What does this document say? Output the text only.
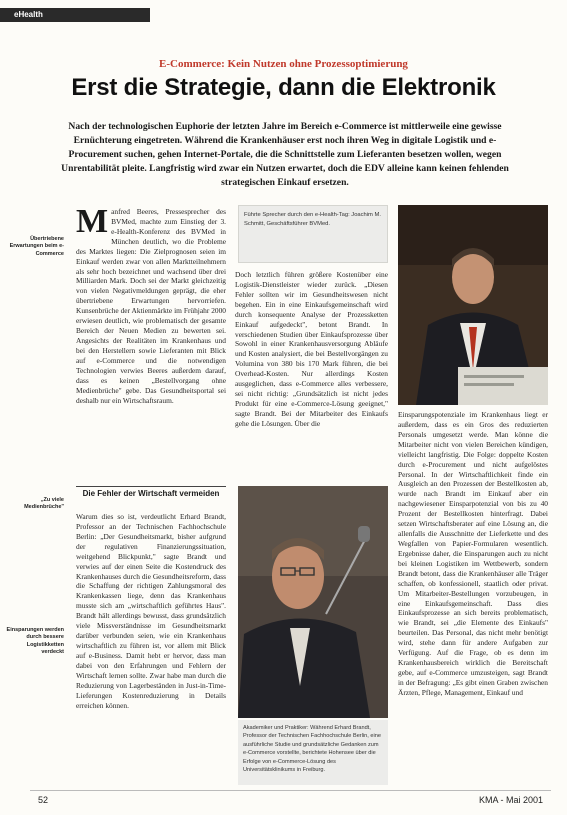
eHealth
E-Commerce: Kein Nutzen ohne Prozessoptimierung
Erst die Strategie, dann die Elektronik

Nach der technologischen Euphorie der letzten Jahre im Bereich e-Commerce ist mittlerweile eine gewisse Ernüchterung eingetreten. Während die Krankenhäuser erst noch ihren Weg in digitale Logistik und e-Procurement suchen, gehen Internet-Portale, die die Schnittstelle zum Lieferanten besetzen wollen, wegen Unrentabilität pleite. Langfristig wird zwar ein Nutzen erwartet, doch die EDV alleine kann keinen fehlenden strategischen Einkauf ersetzen.

Übertriebene Erwartungen beim e-Commerce
„Zu viele Medienbrüche"
Einsparungen werden durch bessere Logistikketten verdeckt
Manfred Beeres, Pressesprecher des BVMed, machte zum Einstieg der 3. e-Health-Konferenz des BVMed in München deutlich, wo die Probleme des Marktes liegen: Die Zielprognosen seien im Einkauf werden zwar von allen Marktteilnehmern als sehr hoch bezeichnet und wachsend über drei Milliarden Mark. Doch sei der Markt gleichzeitig von vielen Negativmeldungen geprägt, die eher übertriebene Erwartungen hervorriefen. Kunsenbrüche der Aktienmärkte im Frühjahr 2000 erwiesen deutlich, wie problematisch der gesamte Bereich der Neuen Medien zu bewerten sei. Angesichts der Realitäten im Krankenhaus und bei den Herstellern sowie Lieferanten mit Blick auf e-Commerce und die notwendigen Technologien verwies Beeres außerdem darauf, dass es keinen „Bestellvorgang ohne Medienbrüche" gebe. Das Gesundheitsportal sei deshalb nur ein Wirtschaftsraum.
Die Fehler der Wirtschaft vermeiden
Warum dies so ist, verdeutlicht Erhard Brandt, Professor an der Technischen Fachhochschule Berlin: „Der Gesundheitsmarkt, bisher aufgrund der regulativen Finanzierungssituation, weitgehend Blickpunkt," sagte Brandt und verwies auf der einen Seite die Kostendruck des Krankenhauses durch die Gesundheitsreform, dass die Schaffung der richtigen Zahlungsmoral des Krankenkassen liege, denn das Krankenhaus musste sich am „wirtschaftlich geführtes Haus". Brandt hält allerdings bewusst, dass grundsätzlich viele Missverständnisse im Gesundheitsmarkt darüber verbunden seien, wie ein Krankenhaus wirtschaftlich zu führen ist, vor allem mit Blick auf e-Business. Damit hebt er hervor, dass man dabei von den Erfahrungen und Fehlern der Wirtschaft lernen sollte. Zwar habe man durch die Reduzierung von Lagerbeständen in Just-in-Time-Lieferungen Kostenreduzierung in Details erreichen können.
Führte Sprecher durch den e-Health-Tag: Joachim M. Schmitt, Geschäftsführer BVMed.
Doch letztlich führen größere Kostenüber eine Logistik-Dienstleister wieder zurück. „Diesen Fehler sollten wir im Gesundheitswesen nicht begehen. Ein in eine Einkaufsgemeinschaft wird durch konsequente Analyse der Prozessketten Einkauf aufgedeckt", betont Brandt. In verschiedenen Studien über Einkaufsprozesse über Sowohl in einer Krankenhausversorgung Abläufe und Kosten analysiert, die bei Bestellvorgängen zu Volumina von 380 bis 170 Mark führen, die bei Overhead-Kosten. Nur allerdings Kosten ausgeglichen, dass e-Commerce alles verbessere, sei nicht richtig: „Grundsätzlich ist nicht jedes Produkt für eine e-Commerce-Lösung geeignet," sagte Brandt. Bei der Mitarbeiter des Einkaufs gehe die Lösungen. Über die
Akademiker und Praktiker: Während Erhard Brandt, Professor der Technischen Fachhochschule Berlin, eine ausführliche Studie und grundsätzliche Gedanken zum e-Commerce vorstellte, berichtete Hohensee über die Erfolge von e-Commerce-Lösung des Universitätsklinikums in Freiburg.
Einsparungspotenziale im Krankenhaus liegt er außerdem, dass es ein Gros des reduzierten Personals umgesetzt werde. Man könne die Mitarbeiter nicht von vielen Bereichen kündigen, vielleicht langfristig. Die Folge: doppelte Kosten durch e-Procurement und nicht aufgelöstes Personal. In der Wirtschaftlichkeit finde ein Ausgleich an den Prozessen der Bestellkosten ab, wurde nach Brandt im Einkauf aber ein nachgewiesener Einsparpotenzial von bis zu 40 Prozent der Bestellkosten hinterfragt. Dabei setzen Wirtschaftsberater auf eine Lösung an, die allenfalls die Ausschnitte der Lieferkette und des Wegfallen von Papier-Formularen wesentlich. Ergebnisse daher, die Einsparungen auch zu nicht bei kleinen Logistiken im Wettbewerb, sondern Brandt betont, dass die Krankenhäuser alle Träger schaffen, ob konfessionell, staatlich oder privat. Um Mitarbeiter-Bestellungen vorzubeugen, in eine Einkaufsgemeinschaft. Dass dies Einkaufsprozesse an sich bereits problematisch, wie Brandt, sei „die Elemente des Einkaufs" beurteilen. Das Personal, das nicht mehr benötigt wird, stehe dann für andere Aufgaben zur Verfügung. Auf die Frage, ob es denn im Krankenhausbereich wirklich die Bereitschaft gebe, auf e-Commerce umzusteigen, sagt Brandt in der Befragung: „Es gibt einen Graben zwischen Ärzten, Pflege, Management, Einkauf und
52	KMA - Mai 2001
